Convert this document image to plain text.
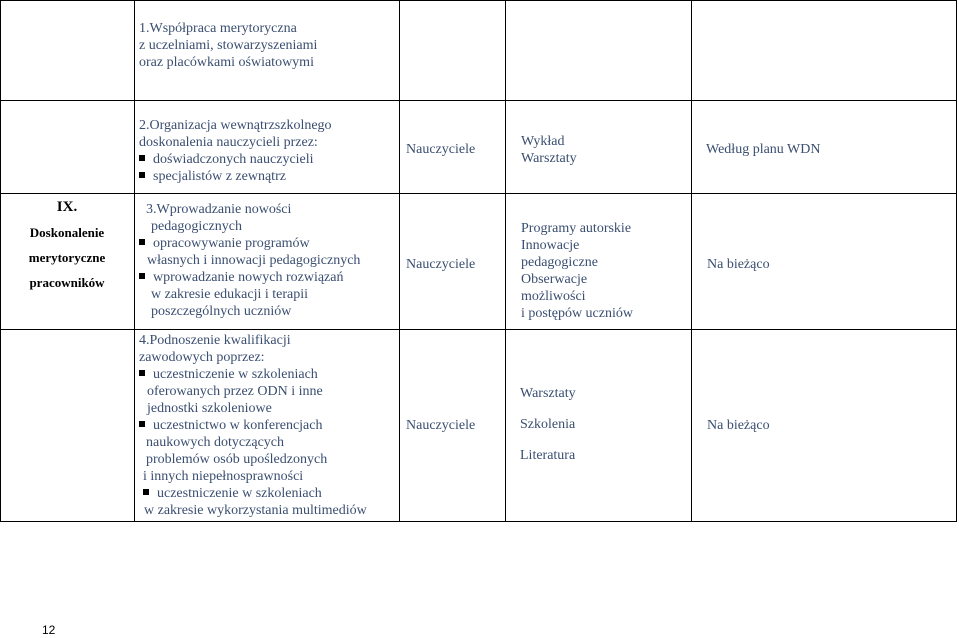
1.Współpraca merytoryczna
z uczelniami, stowarzyszeniami
oraz placówkami oświatowymi
2.Organizacja wewnątrzszkolnego
doskonalenia nauczycieli przez:
doświadczonych nauczycieli
specjalistów z zewnątrz
Nauczyciele
Wykład
Warsztaty
Według planu WDN
IX.
Doskonalenie
merytoryczne
pracowników
3.Wprowadzanie nowości
pedagogicznych
opracowywanie programów
własnych i innowacji pedagogicznych
wprowadzanie nowych rozwiązań
w zakresie edukacji i terapii
poszczególnych uczniów
Nauczyciele
Programy autorskie
Innowacje
pedagogiczne
Obserwacje
możliwości
i postępów uczniów
Na bieżąco
4.Podnoszenie kwalifikacji
zawodowych poprzez:
uczestniczenie w szkoleniach
oferowanych przez ODN i inne
jednostki szkoleniowe
uczestnictwo w konferencjach
naukowych dotyczących
problemów osób upośledzonych
i innych niepełnosprawności
uczestniczenie w szkoleniach
w zakresie wykorzystania multimediów
Nauczyciele
Warsztaty
Szkolenia
Literatura
Na bieżąco
12
